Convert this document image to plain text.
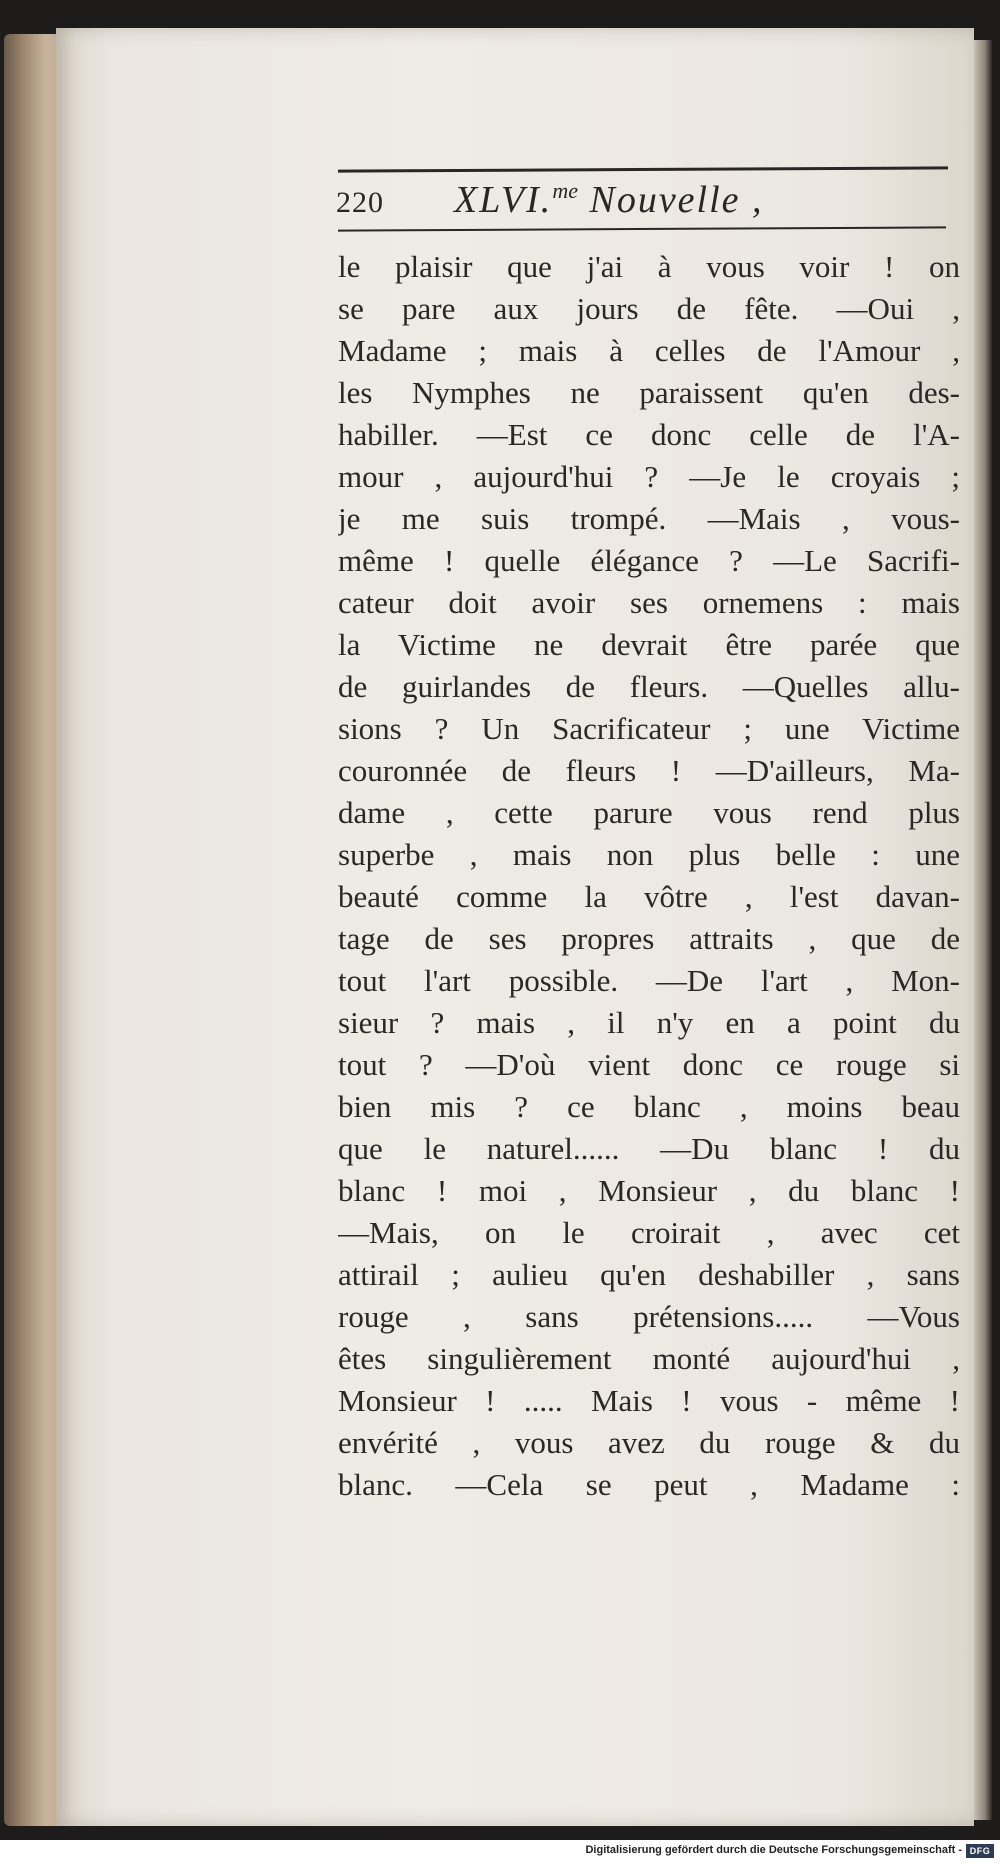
220 XLVI.$^{me}$ Nouvelle ,
le plaisir que j'ai à vous voir ! on
se pare aux jours de fête. —Oui ,
Madame ; mais à celles de l'Amour ,
les Nymphes ne paraissent qu'en des-
habiller. —Est ce donc celle de l'A-
mour , aujourd'hui ? —Je le croyais ;
je me suis trompé. —Mais , vous-
même ! quelle élégance ? —Le Sacrifi-
cateur doit avoir ses ornemens : mais
la Victime ne devrait être parée que
de guirlandes de fleurs. —Quelles allu-
sions ? Un Sacrificateur ; une Victime
couronnée de fleurs ! —D'ailleurs, Ma-
dame , cette parure vous rend plus
superbe , mais non plus belle : une
beauté comme la vôtre , l'est davan-
tage de ses propres attraits , que de
tout l'art possible. —De l'art , Mon-
sieur ? mais , il n'y en a point du
tout ? —D'où vient donc ce rouge si
bien mis ? ce blanc , moins beau
que le naturel...... —Du blanc ! du
blanc ! moi , Monsieur , du blanc !
—Mais, on le croirait , avec cet
attirail ; aulieu qu'en deshabiller , sans
rouge , sans prétensions..... —Vous
êtes singulièrement monté aujourd'hui ,
Monsieur ! ..... Mais ! vous - même !
envérité , vous avez du rouge & du
blanc. —Cela se peut , Madame :
Digitalisierung gefördert durch die Deutsche Forschungsgemeinschaft - DFG
